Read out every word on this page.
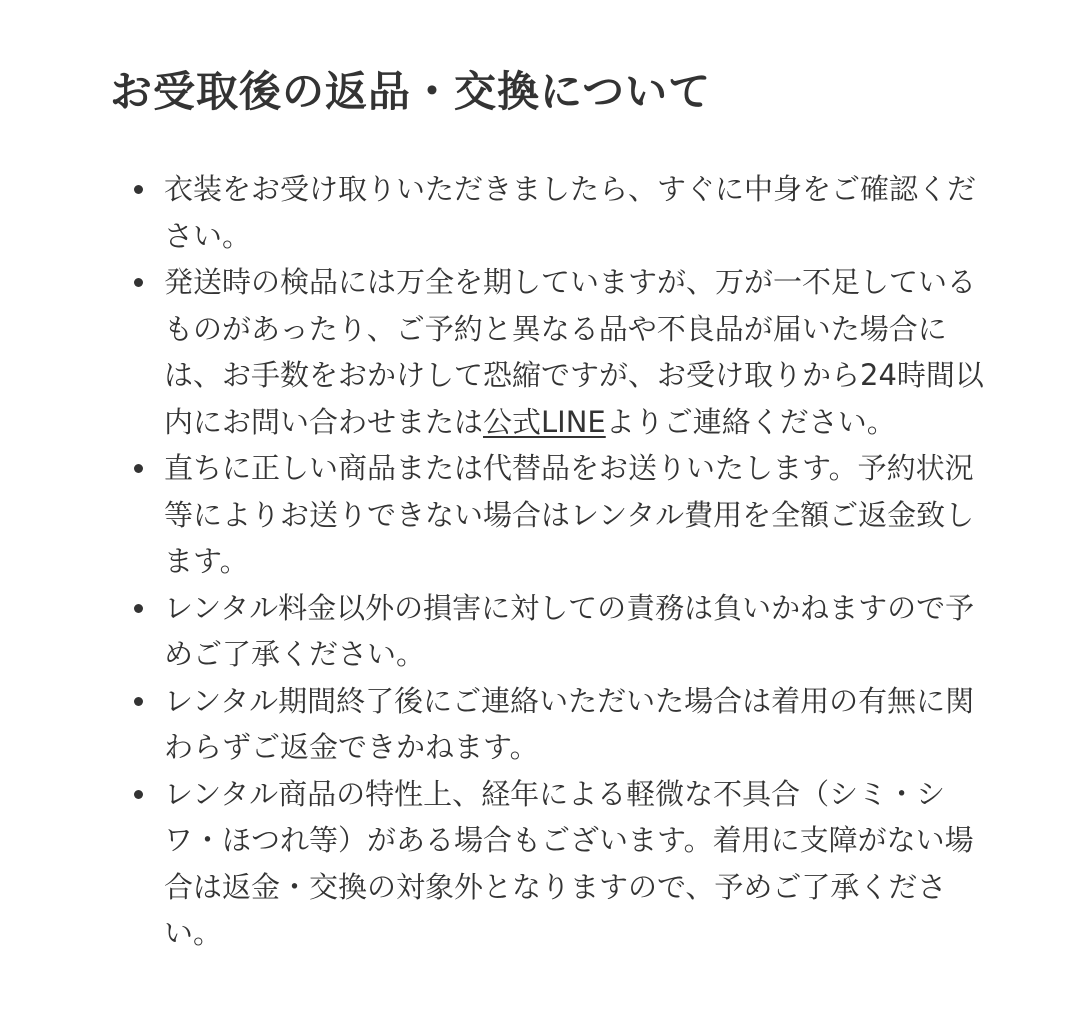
お受取後の返品・交換について
衣装をお受け取りいただきましたら、すぐに中身をご確認ください。
発送時の検品には万全を期していますが、万が一不足しているものがあったり、ご予約と異なる品や不良品が届いた場合には、お手数をおかけして恐縮ですが、お受け取りから24時間以内にお問い合わせまたは公式LINEよりご連絡ください。
直ちに正しい商品または代替品をお送りいたします。予約状況等によりお送りできない場合はレンタル費用を全額ご返金致します。
レンタル料金以外の損害に対しての責務は負いかねますので予めご了承ください。
レンタル期間終了後にご連絡いただいた場合は着用の有無に関わらずご返金できかねます。
レンタル商品の特性上、経年による軽微な不具合（シミ・シワ・ほつれ等）がある場合もございます。着用に支障がない場合は返金・交換の対象外となりますので、予めご了承ください。
